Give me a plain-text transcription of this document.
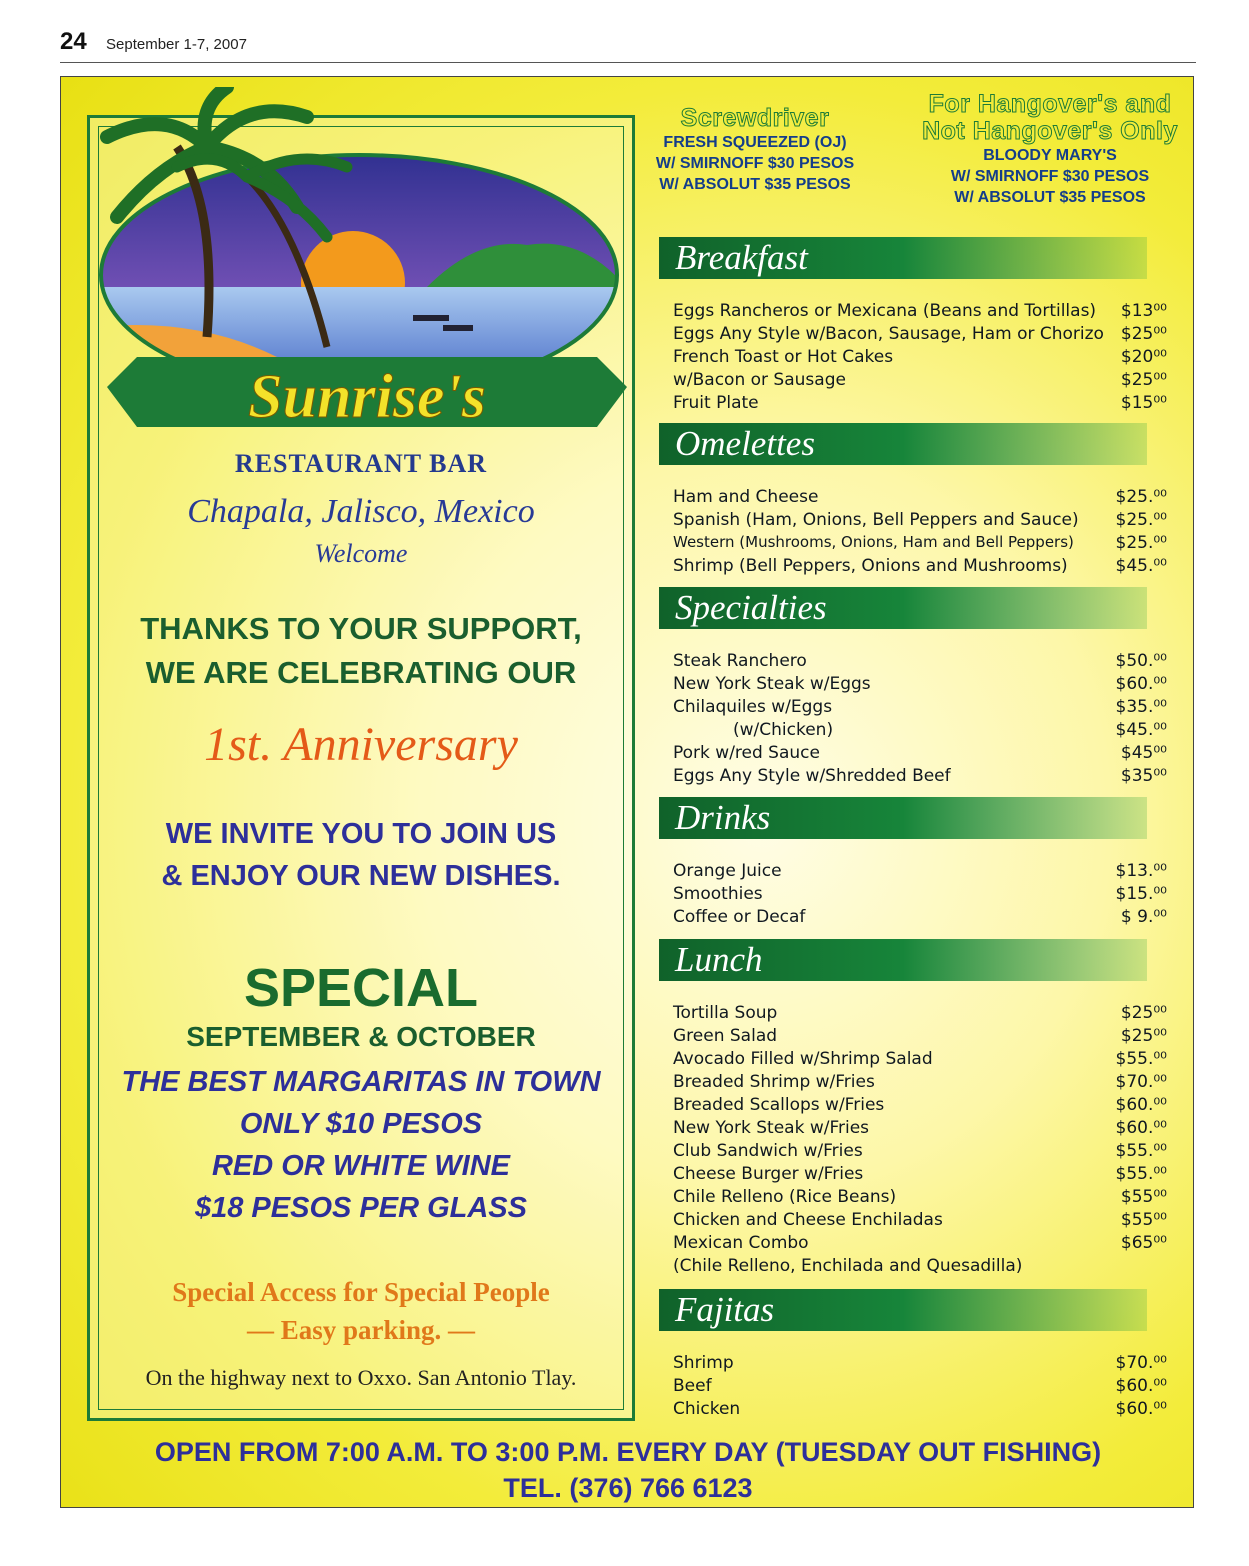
24 September 1-7, 2007
Sunrise's
RESTAURANT BAR
Chapala, Jalisco, Mexico
Welcome
THANKS TO YOUR SUPPORT,
WE ARE CELEBRATING OUR
1st. Anniversary
WE INVITE YOU TO JOIN US
& ENJOY OUR NEW DISHES.
SPECIAL
SEPTEMBER & OCTOBER
THE BEST MARGARITAS IN TOWN
ONLY $10 PESOS
RED OR WHITE WINE
$18 PESOS PER GLASS
Special Access for Special People
— Easy parking. —
On the highway next to Oxxo. San Antonio Tlay.
Screwdriver
FRESH SQUEEZED (OJ)
W/ SMIRNOFF $30 PESOS
W/ ABSOLUT $35 PESOS
For Hangover's and
Not Hangover's Only
BLOODY MARY'S
W/ SMIRNOFF $30 PESOS
W/ ABSOLUT $35 PESOS
Breakfast
Eggs Rancheros or Mexicana (Beans and Tortillas) $13⁰⁰
Eggs Any Style w/Bacon, Sausage, Ham or Chorizo $25⁰⁰
French Toast or Hot Cakes	$20⁰⁰
w/Bacon or Sausage	$25⁰⁰
Fruit Plate	$15⁰⁰
Omelettes
Ham and Cheese	$25.⁰⁰
Spanish (Ham, Onions, Bell Peppers and Sauce) $25.⁰⁰
Western (Mushrooms, Onions, Ham and Bell Peppers) $25.⁰⁰
Shrimp (Bell Peppers, Onions and Mushrooms)	$45.⁰⁰
Specialties
Steak Ranchero	$50.⁰⁰
New York Steak w/Eggs	$60.⁰⁰
Chilaquiles w/Eggs	$35.⁰⁰
(w/Chicken)	$45.⁰⁰
Pork w/red Sauce	$45⁰⁰
Eggs Any Style w/Shredded Beef	$35⁰⁰
Drinks
Orange Juice	$13.⁰⁰
Smoothies	$15.⁰⁰
Coffee or Decaf	$ 9.⁰⁰
Lunch
Tortilla Soup	$25⁰⁰
Green Salad	$25⁰⁰
Avocado Filled w/Shrimp Salad	$55.⁰⁰
Breaded Shrimp w/Fries	$70.⁰⁰
Breaded Scallops w/Fries	$60.⁰⁰
New York Steak w/Fries	$60.⁰⁰
Club Sandwich w/Fries	$55.⁰⁰
Cheese Burger w/Fries	$55.⁰⁰
Chile Relleno (Rice Beans)	$55⁰⁰
Chicken and Cheese Enchiladas	$55⁰⁰
Mexican Combo	$65⁰⁰
(Chile Relleno, Enchilada and Quesadilla)
Fajitas
Shrimp	$70.⁰⁰
Beef	$60.⁰⁰
Chicken	$60.⁰⁰
OPEN FROM 7:00 A.M. TO 3:00 P.M. EVERY DAY (TUESDAY OUT FISHING)
TEL. (376) 766 6123
